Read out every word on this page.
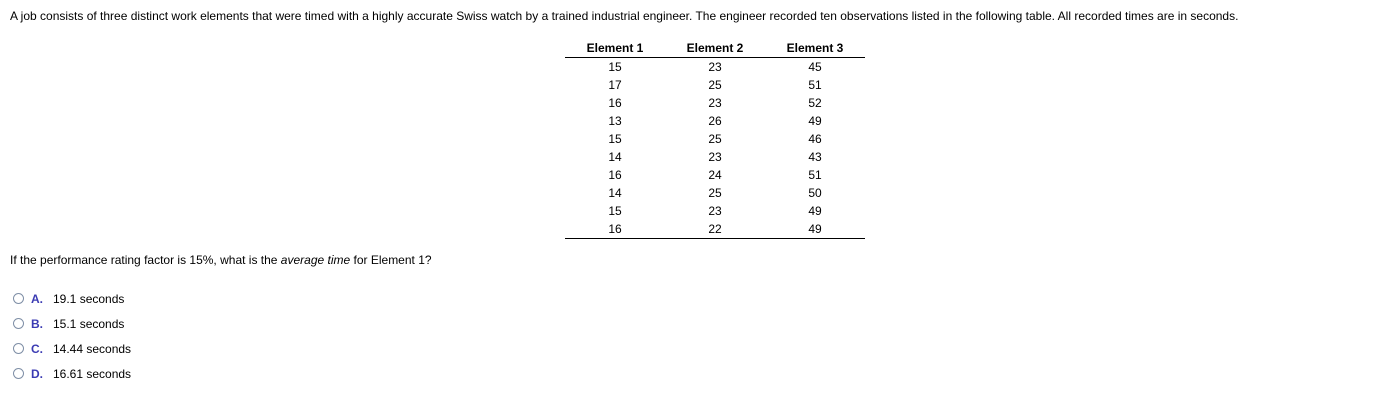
A job consists of three distinct work elements that were timed with a highly accurate Swiss watch by a trained industrial engineer. The engineer recorded ten observations listed in the following table. All recorded times are in seconds.
Element 1	Element 2	Element 3
15	23	45
17	25	51
16	23	52
13	26	49
15	25	46
14	23	43
16	24	51
14	25	50
15	23	49
16	22	49
If the performance rating factor is 15%, what is the average time for Element 1?
A. 19.1 seconds
B. 15.1 seconds
C. 14.44 seconds
D. 16.61 seconds
